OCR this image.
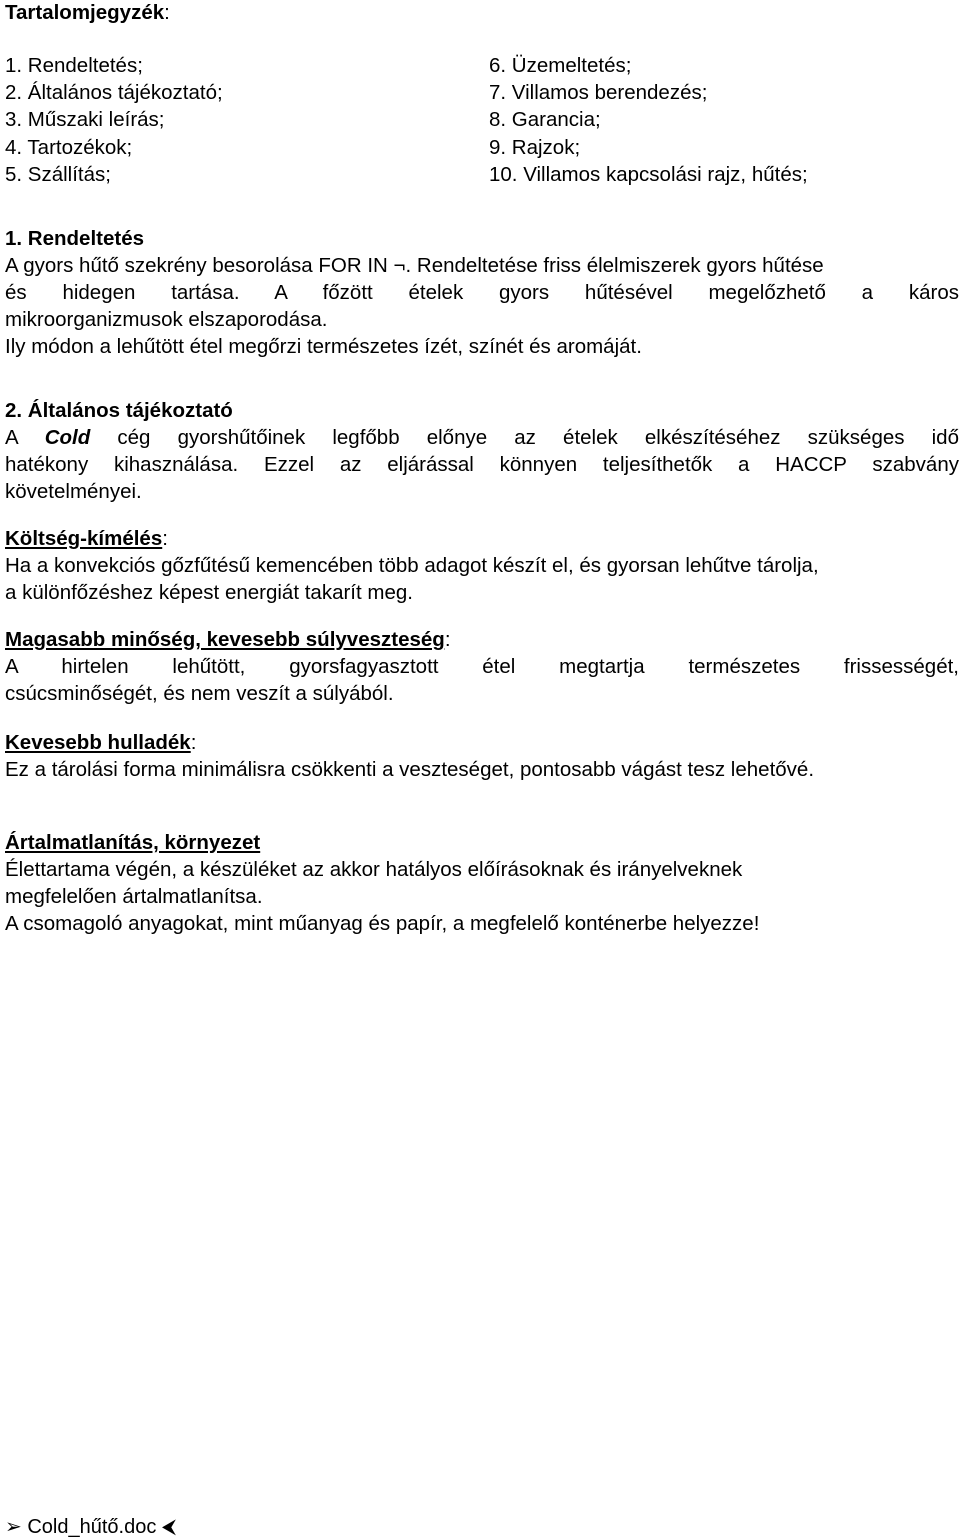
Tartalomjegyzék:
1. Rendeltetés;
2. Általános tájékoztató;
3. Műszaki leírás;
4. Tartozékok;
5. Szállítás;
6. Üzemeltetés;
7. Villamos berendezés;
8. Garancia;
9. Rajzok;
10. Villamos kapcsolási rajz, hűtés;
1. Rendeltetés
A gyors hűtő szekrény besorolása FOR IN ¬. Rendeltetése friss élelmiszerek gyors hűtése
és hidegen tartása. A főzött ételek gyors hűtésével megelőzhető a káros
mikroorganizmusok elszaporodása.
Ily módon a lehűtött étel megőrzi természetes ízét, színét és aromáját.
2. Általános tájékoztató
A Cold cég gyorshűtőinek legfőbb előnye az ételek elkészítéséhez szükséges idő
hatékony kihasználása. Ezzel az eljárással könnyen teljesíthetők a HACCP szabvány
követelményei.
Költség-kímélés:
Ha a konvekciós gőzfűtésű kemencében több adagot készít el, és gyorsan lehűtve tárolja,
a különfőzéshez képest energiát takarít meg.
Magasabb minőség, kevesebb súlyveszteség:
A hirtelen lehűtött, gyorsfagyasztott étel megtartja természetes frissességét,
csúcsminőségét, és nem veszít a súlyából.
Kevesebb hulladék:
Ez a tárolási forma minimálisra csökkenti a veszteséget, pontosabb vágást tesz lehetővé.
Ártalmatlanítás, környezet
Élettartama végén, a készüléket az akkor hatályos előírásoknak és irányelveknek
megfelelően ártalmatlanítsa.
A csomagoló anyagokat, mint műanyag és papír, a megfelelő konténerbe helyezze!
➢ Cold_hűtő.doc ⮜
